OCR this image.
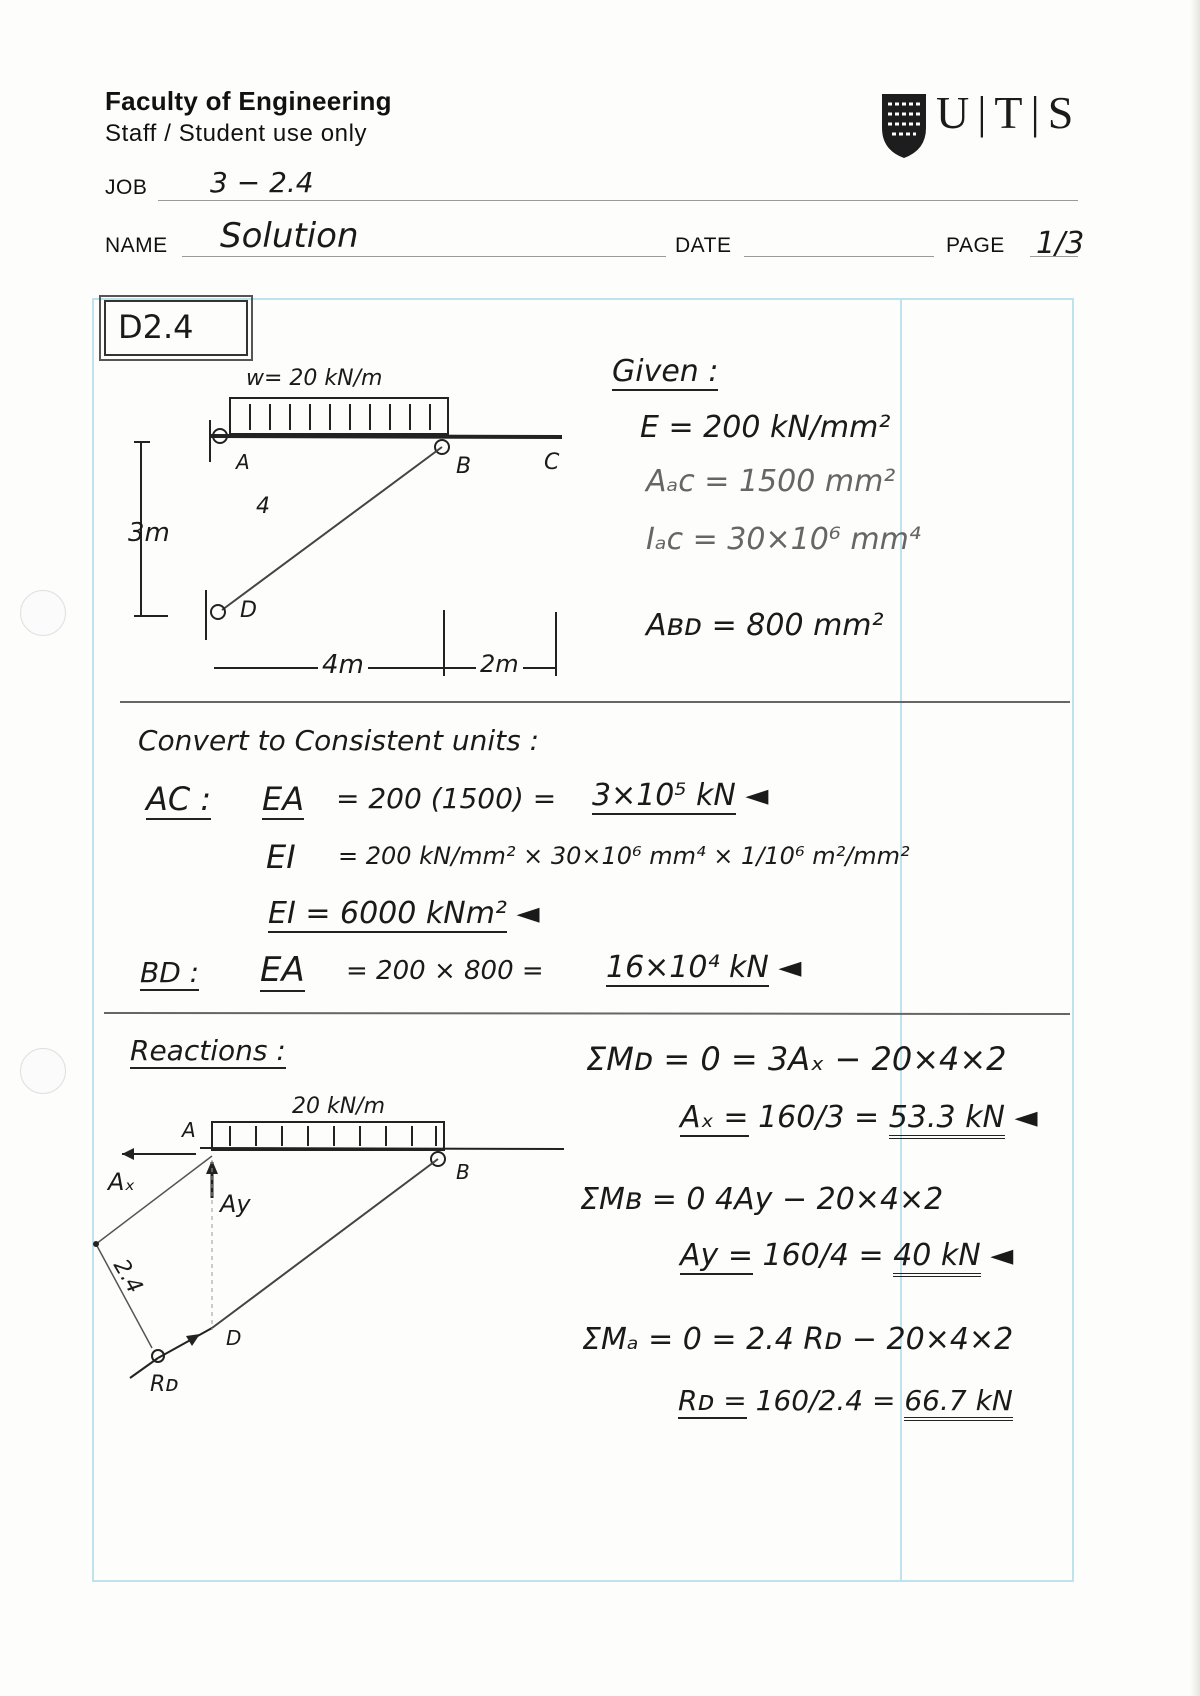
Faculty of Engineering
Staff / Student use only	U|T|S
JOB 3 − 2.4
NAME Solution	DATE	PAGE 1/3
D2.4
w= 20 kN/m
A	B	C
D
4
3m
4m	2m
Given :
E = 200 kN/mm²
Aₐc = 1500 mm²
Iₐc = 30×10⁶ mm⁴
Aʙᴅ = 800 mm²
Convert to Consistent units :
AC : EA = 200 (1500) = 3×10⁵ kN ◄
EI = 200 kN/mm² × 30×10⁶ mm⁴ × 1/10⁶ m²/mm²
EI = 6000 kNm² ◄
BD : EA = 200 × 800 = 16×10⁴ kN ◄
Reactions :
20 kN/m
A
B
D
Aₓ
Ay
Rᴅ
2.4
ΣMᴅ = 0 = 3Aₓ − 20×4×2
Aₓ = 160/3 = 53.3 kN ◄
ΣMʙ = 0 4Ay − 20×4×2
Ay = 160/4 = 40 kN ◄
ΣMₐ = 0 = 2.4 Rᴅ − 20×4×2
Rᴅ = 160/2.4 = 66.7 kN
